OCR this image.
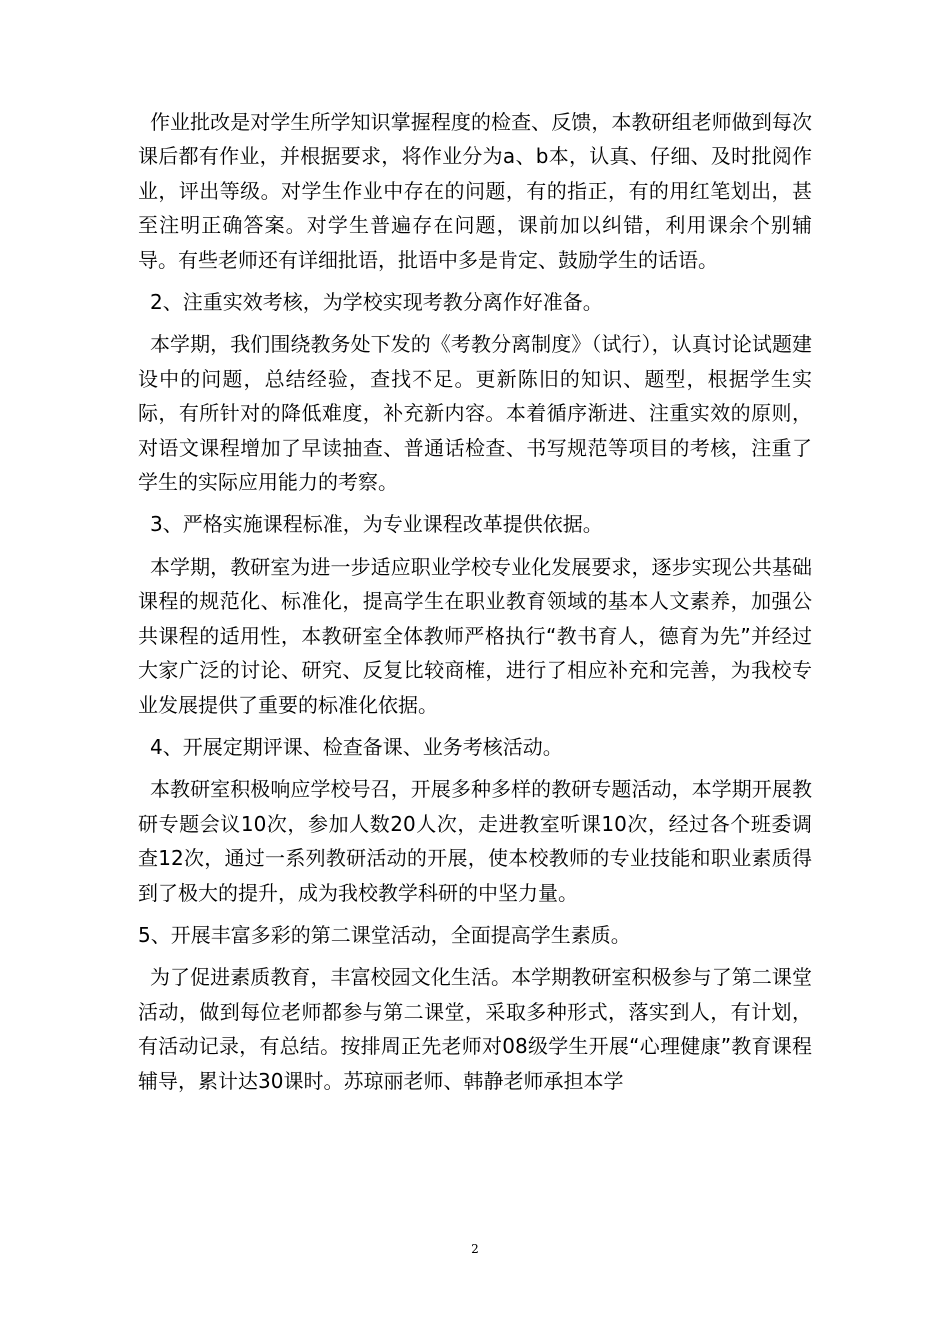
作业批改是对学生所学知识掌握程度的检查、反馈，本教研组老师做到每次课后都有作业，并根据要求，将作业分为a、b本，认真、仔细、及时批阅作业，评出等级。对学生作业中存在的问题，有的指正，有的用红笔划出，甚至注明正确答案。对学生普遍存在问题，课前加以纠错，利用课余个别辅导。有些老师还有详细批语，批语中多是肯定、鼓励学生的话语。

2、注重实效考核，为学校实现考教分离作好准备。

本学期，我们围绕教务处下发的《考教分离制度》（试行），认真讨论试题建设中的问题，总结经验，查找不足。更新陈旧的知识、题型，根据学生实际，有所针对的降低难度，补充新内容。本着循序渐进、注重实效的原则，对语文课程增加了早读抽查、普通话检查、书写规范等项目的考核，注重了学生的实际应用能力的考察。

3、严格实施课程标准，为专业课程改革提供依据。

本学期，教研室为进一步适应职业学校专业化发展要求，逐步实现公共基础课程的规范化、标准化，提高学生在职业教育领域的基本人文素养，加强公共课程的适用性，本教研室全体教师严格执行“教书育人，德育为先”并经过大家广泛的讨论、研究、反复比较商榷，进行了相应补充和完善，为我校专业发展提供了重要的标准化依据。

4、开展定期评课、检查备课、业务考核活动。

本教研室积极响应学校号召，开展多种多样的教研专题活动，本学期开展教研专题会议10次，参加人数20人次，走进教室听课10次，经过各个班委调查12次，通过一系列教研活动的开展，使本校教师的专业技能和职业素质得到了极大的提升，成为我校教学科研的中坚力量。

5、开展丰富多彩的第二课堂活动，全面提高学生素质。

为了促进素质教育，丰富校园文化生活。本学期教研室积极参与了第二课堂活动，做到每位老师都参与第二课堂，采取多种形式，落实到人，有计划，有活动记录，有总结。按排周正先老师对08级学生开展“心理健康”教育课程辅导，累计达30课时。苏琼丽老师、韩静老师承担本学

2
